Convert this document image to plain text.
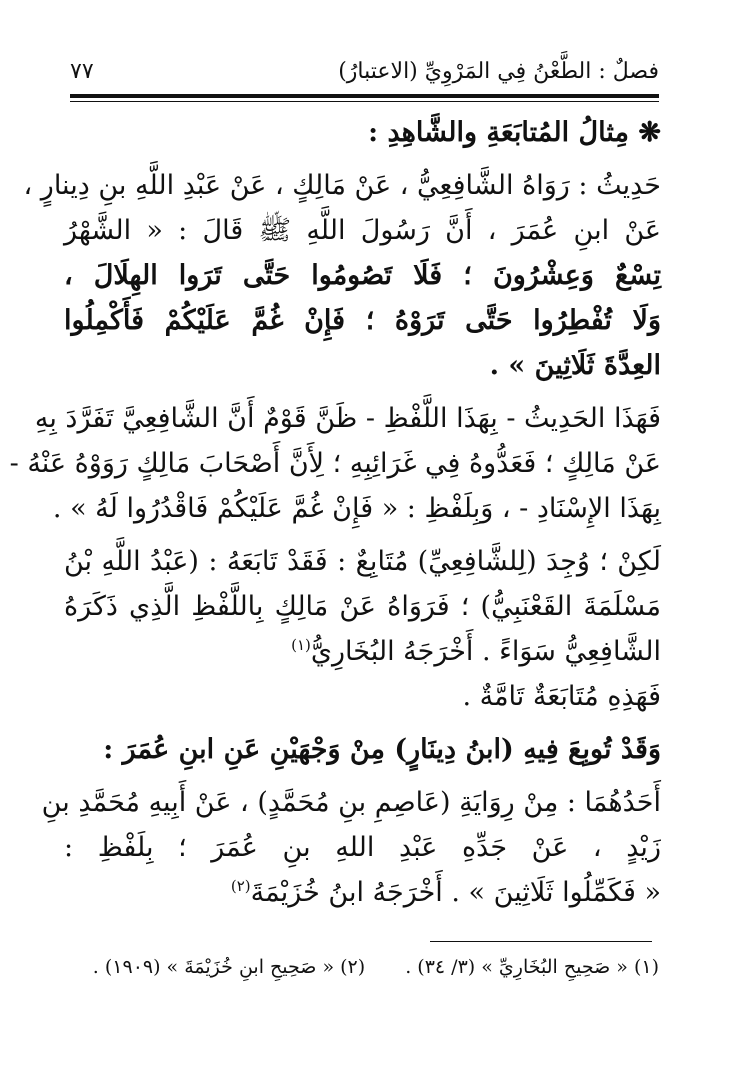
فصلٌ : الطَّعْنُ فِي المَرْوِيِّ (الاعتبارُ)
٧٧
❋ مِثالُ المُتابَعَةِ والشَّاهِدِ :
حَدِيثُ : رَوَاهُ الشَّافِعِيُّ ، عَنْ مَالِكٍ ، عَنْ عَبْدِ اللَّهِ بنِ دِينارٍ ،
عَنْ ابنِ عُمَرَ ، أَنَّ رَسُولَ اللَّهِ ﷺ قَالَ : « الشَّهْرُ
تِسْعٌ وَعِشْرُونَ ؛ فَلَا تَصُومُوا حَتَّى تَرَوا الهِلَالَ ،
وَلَا تُفْطِرُوا حَتَّى تَرَوْهُ ؛ فَإِنْ غُمَّ عَلَيْكُمْ فَأَكْمِلُوا
العِدَّةَ ثَلَاثِينَ » .
فَهَذَا الحَدِيثُ - بِهَذَا اللَّفْظِ - ظَنَّ قَوْمٌ أَنَّ الشَّافِعِيَّ تَفَرَّدَ بِهِ
عَنْ مَالِكٍ ؛ فَعَدُّوهُ فِي غَرَائِبِهِ ؛ لِأَنَّ أَصْحَابَ مَالِكٍ رَوَوْهُ عَنْهُ -
بِهَذَا الإِسْنَادِ - ، وَبِلَفْظِ : « فَإِنْ غُمَّ عَلَيْكُمْ فَاقْدُرُوا لَهُ » .
لَكِنْ ؛ وُجِدَ (لِلشَّافِعِيِّ) مُتَابِعٌ : فَقَدْ تَابَعَهُ : (عَبْدُ اللَّهِ بْنُ
مَسْلَمَةَ القَعْنَبِيُّ) ؛ فَرَوَاهُ عَنْ مَالِكٍ بِاللَّفْظِ الَّذِي ذَكَرَهُ
الشَّافِعِيُّ سَوَاءً . أَخْرَجَهُ البُخَارِيُّ$^{(١)}$
فَهَذِهِ مُتَابَعَةٌ تَامَّةٌ .
وَقَدْ تُوبِعَ فِيهِ (ابنُ دِينَارٍ) مِنْ وَجْهَيْنِ عَنِ ابنِ عُمَرَ :
أَحَدُهُمَا : مِنْ رِوَايَةِ (عَاصِمِ بنِ مُحَمَّدٍ) ، عَنْ أَبِيهِ مُحَمَّدِ بنِ
زَيْدٍ ، عَنْ جَدِّهِ عَبْدِ اللهِ بنِ عُمَرَ ؛ بِلَفْظِ :
« فَكَمِّلُوا ثَلَاثِينَ » . أَخْرَجَهُ ابنُ خُزَيْمَةَ$^{(٢)}$
(١) « صَحِيحِ البُخَارِيِّ » (٣/ ٣٤) .
(٢) « صَحِيحِ ابنِ خُزَيْمَةَ » (١٩٠٩) .
